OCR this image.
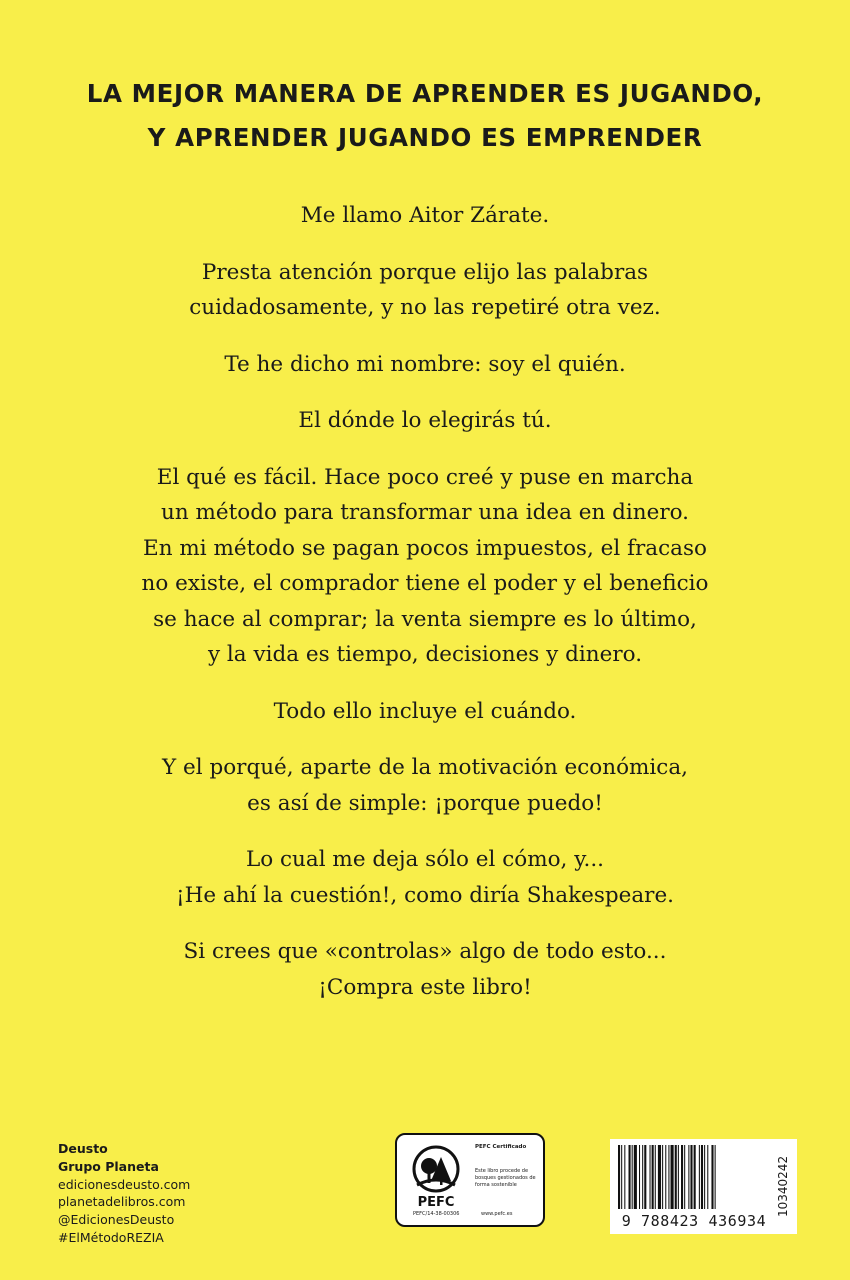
LA MEJOR MANERA DE APRENDER ES JUGANDO,
Y APRENDER JUGANDO ES EMPRENDER

Me llamo Aitor Zárate.

Presta atención porque elijo las palabras
cuidadosamente, y no las repetiré otra vez.

Te he dicho mi nombre: soy el quién.

El dónde lo elegirás tú.

El qué es fácil. Hace poco creé y puse en marcha
un método para transformar una idea en dinero.
En mi método se pagan pocos impuestos, el fracaso
no existe, el comprador tiene el poder y el beneficio
se hace al comprar; la venta siempre es lo último,
y la vida es tiempo, decisiones y dinero.

Todo ello incluye el cuándo.

Y el porqué, aparte de la motivación económica,
es así de simple: ¡porque puedo!

Lo cual me deja sólo el cómo, y...
¡He ahí la cuestión!, como diría Shakespeare.

Si crees que «controlas» algo de todo esto...
¡Compra este libro!

Deusto
Grupo Planeta
edicionesdeusto.com
planetadelibros.com
@EdicionesDeusto
#ElMétodoREZIA
PEFC
PEFC Certificado
Este libro procede de bosques gestionados de forma sostenible
PEFC/14-38-00306	www.pefc.es	9 788423 436934
10340242
